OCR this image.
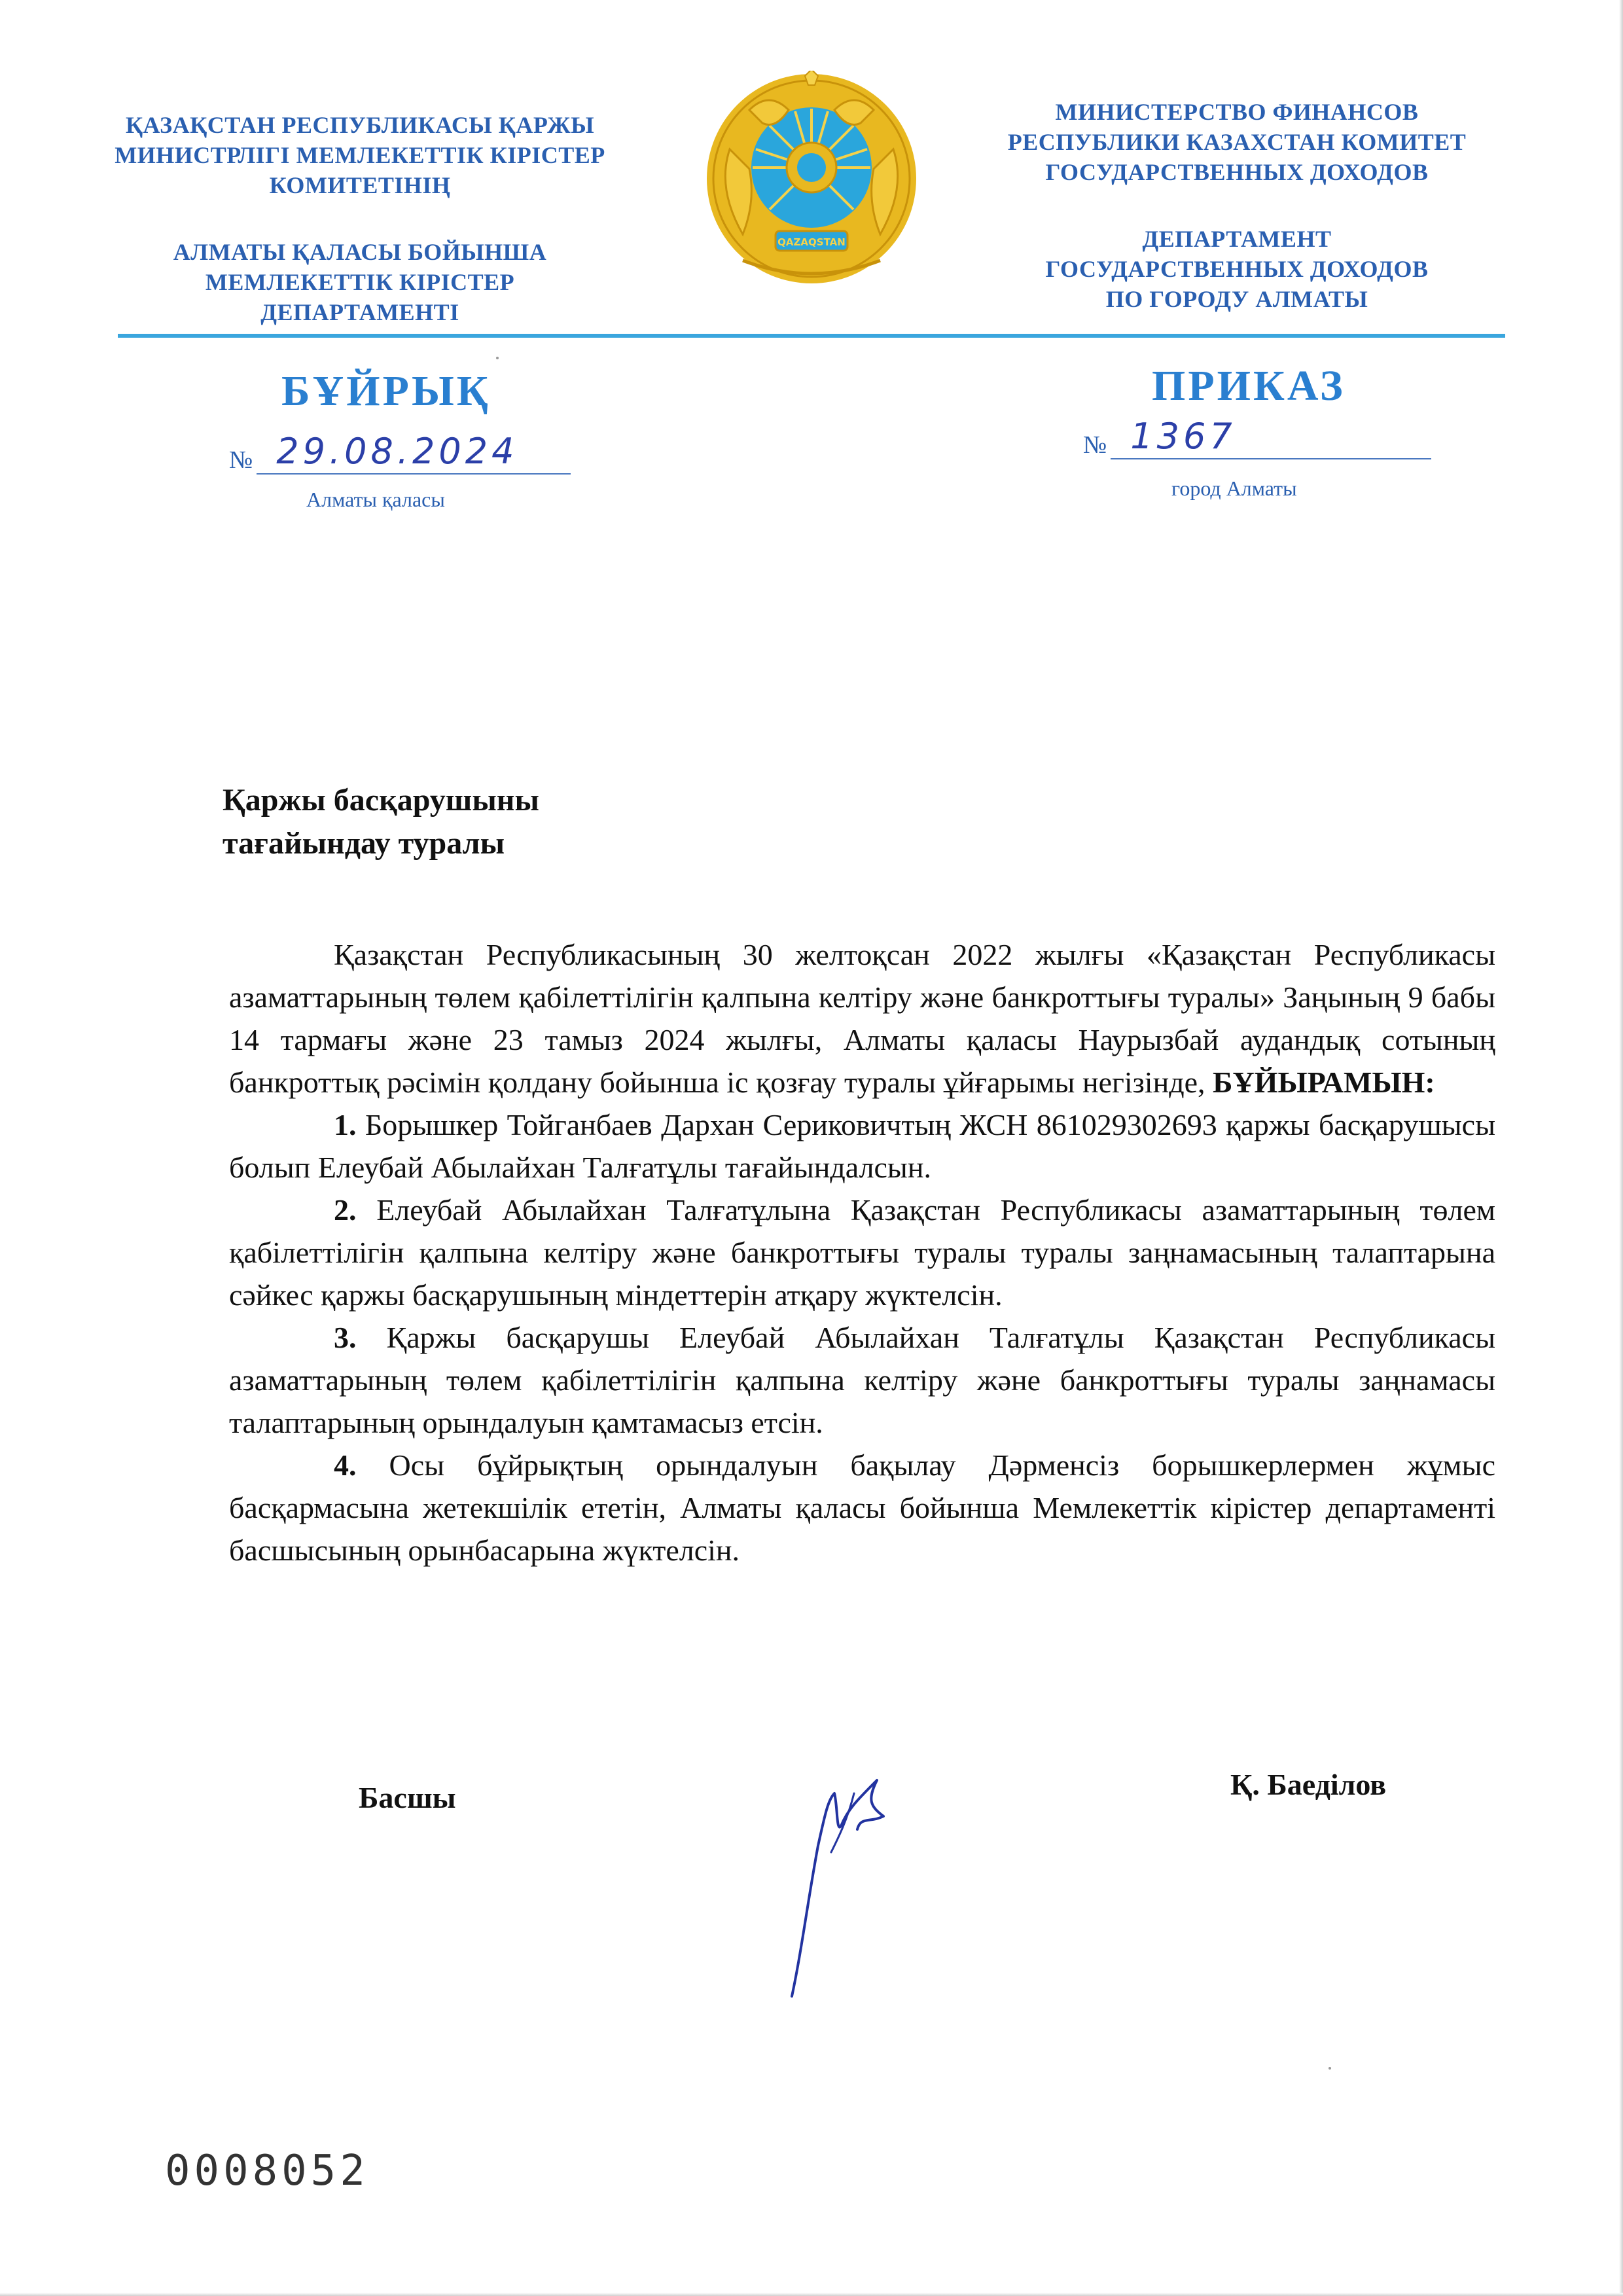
ҚАЗАҚСТАН РЕСПУБЛИКАСЫ ҚАРЖЫ
МИНИСТРЛІГІ МЕМЛЕКЕТТІК КІРІСТЕР
КОМИТЕТІНІҢ
АЛМАТЫ ҚАЛАСЫ БОЙЫНША
МЕМЛЕКЕТТІК КІРІСТЕР ДЕПАРТАМЕНТІ
QAZAQSTAN
МИНИСТЕРСТВО ФИНАНСОВ
РЕСПУБЛИКИ КАЗАХСТАН КОМИТЕТ
ГОСУДАРСТВЕННЫХ ДОХОДОВ
ДЕПАРТАМЕНТ
ГОСУДАРСТВЕННЫХ ДОХОДОВ
ПО ГОРОДУ АЛМАТЫ
БҰЙРЫҚ	ПРИКАЗ
№ 29.08.2024	№ 1367
Алматы қаласы	город Алматы
Қаржы басқарушыны
тағайындау туралы

Қазақстан Республикасының 30 желтоқсан 2022 жылғы «Қазақстан Республикасы азаматтарының төлем қабілеттілігін қалпына келтіру және банкроттығы туралы» Заңының 9 бабы 14 тармағы және 23 тамыз 2024 жылғы, Алматы қаласы Наурызбай аудандық сотының банкроттық рәсімін қолдану бойынша іс қозғау туралы ұйғарымы негізінде, БҰЙЫРАМЫН:

1. Борышкер Тойганбаев Дархан Сериковичтың ЖСН 861029302693 қаржы басқарушысы болып Елеубай Абылайхан Талғатұлы тағайындалсын.

2. Елеубай Абылайхан Талғатұлына Қазақстан Республикасы азаматтарының төлем қабілеттілігін қалпына келтіру және банкроттығы туралы туралы заңнамасының талаптарына сәйкес қаржы басқарушының міндеттерін атқару жүктелсін.

3. Қаржы басқарушы Елеубай Абылайхан Талғатұлы Қазақстан Республикасы азаматтарының төлем қабілеттілігін қалпына келтіру және банкроттығы туралы заңнамасы талаптарының орындалуын қамтамасыз етсін.

4. Осы бұйрықтың орындалуын бақылау Дәрменсіз борышкерлермен жұмыс басқармасына жетекшілік ететін, Алматы қаласы бойынша Мемлекеттік кірістер департаменті басшысының орынбасарына жүктелсін.

Басшы	Қ. Баеділов
0008052
